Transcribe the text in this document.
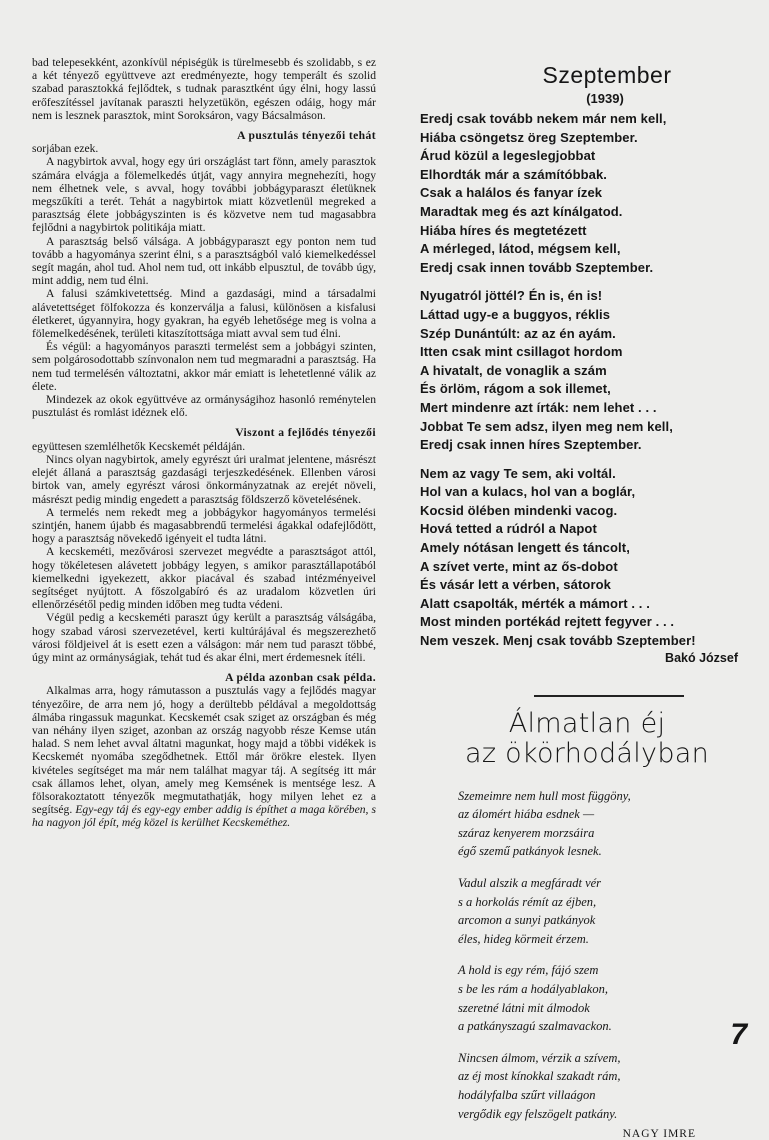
bad telepesekként, azonkívül népiségük is türelmesebb és szolidabb, s ez a két tényező együttveve azt eredményezte, hogy temperált és szolid szabad parasztokká fejlődtek, s tudnak parasztként úgy élni, hogy lassú erőfeszítéssel javítanak paraszti helyzetükön, egészen odáig, hogy már nem is lesznek parasztok, mint Soroksáron, vagy Bácsalmáson.

A pusztulás tényezői tehát

sorjában ezek.

A nagybirtok avval, hogy egy úri országlást tart fönn, amely parasztok számára elvágja a fölemelkedés útját, vagy annyira megnehezíti, hogy nem élhetnek vele, s avval, hogy további jobbágyparaszt életüknek megszűkíti a terét. Tehát a nagybirtok miatt közvetlenül megreked a parasztság élete jobbágyszinten is és közvetve nem tud magasabbra fejlődni a nagybirtok politikája miatt.

A parasztság belső válsága. A jobbágyparaszt egy ponton nem tud tovább a hagyománya szerint élni, s a parasztságból való kiemelkedéssel segít magán, ahol tud. Ahol nem tud, ott inkább elpusztul, de tovább úgy, mint addig, nem tud élni.

A falusi számkivetettség. Mind a gazdasági, mind a társadalmi alávetettséget fölfokozza és konzerválja a falusi, különösen a kisfalusi életkeret, úgyannyira, hogy gyakran, ha egyéb lehetősége meg is volna a fölemelkedésének, területi kitaszítottsága miatt avval sem tud élni.

És végül: a hagyományos paraszti termelést sem a jobbágyi szinten, sem polgárosodottabb színvonalon nem tud megmaradni a parasztság. Ha nem tud termelésén változtatni, akkor már emiatt is lehetetlenné válik az élete.

Mindezek az okok együttvéve az ormányságihoz hasonló reménytelen pusztulást és romlást idéznek elő.

Viszont a fejlődés tényezői

együttesen szemlélhetők Kecskemét példáján.

Nincs olyan nagybirtok, amely egyrészt úri uralmat jelentene, másrészt elejét állaná a parasztság gazdasági terjeszkedésének. Ellenben városi birtok van, amely egyrészt városi önkormányzatnak az erejét növeli, másrészt pedig mindig engedett a parasztság földszerző követelésének.

A termelés nem rekedt meg a jobbágykor hagyományos termelési szintjén, hanem újabb és magasabbrendű termelési ágakkal odafejlődött, hogy a parasztság növekedő igényeit el tudta látni.

A kecskeméti, mezővárosi szervezet megvédte a parasztságot attól, hogy tökéletesen alávetett jobbágy legyen, s amikor parasztállapotából kiemelkedni igyekezett, akkor piacával és szabad intézményeivel segítséget nyújtott. A főszolgabíró és az uradalom közvetlen úri ellenőrzésétől pedig minden időben meg tudta védeni.

Végül pedig a kecskeméti paraszt úgy került a parasztság válságába, hogy szabad városi szervezetével, kerti kultúrájával és megszerezhető városi földjeivel át is esett ezen a válságon: már nem tud paraszt többé, úgy mint az ormányságiak, tehát tud és akar élni, mert érdemesnek ítéli.

A példa azonban csak példa.

Alkalmas arra, hogy rámutasson a pusztulás vagy a fejlődés magyar tényezőire, de arra nem jó, hogy a derültebb példával a megoldottság álmába ringassuk magunkat. Kecskemét csak sziget az országban és még van néhány ilyen sziget, azonban az ország nagyobb része Kemse után halad. S nem lehet avval áltatni magunkat, hogy majd a többi vidékek is Kecskemét nyomába szegődhetnek. Ettől már örökre elestek. Ilyen kivételes segítséget ma már nem találhat magyar táj. A segítség itt már csak államos lehet, olyan, amely meg Kemsének is mentsége lesz. A fölsorakoztatott tényezők megmutathatják, hogy milyen lehet ez a segítség. Egy-egy táj és egy-egy ember addig is építhet a maga körében, s ha nagyon jól épít, még közel is kerülhet Kecskeméthez.

Szeptember
(1939)
Eredj csak tovább nekem már nem kell,
Hiába csöngetsz öreg Szeptember.
Árud közül a legeslegjobbat
Elhordták már a számítóbbak.
Csak a halálos és fanyar ízek
Maradtak meg és azt kínálgatod.
Hiába híres és megtetézett
A mérleged, látod, mégsem kell,
Eredj csak innen tovább Szeptember.
Nyugatról jöttél? Én is, én is!
Láttad ugy-e a buggyos, réklis
Szép Dunántúlt: az az én ayám.
Itten csak mint csillagot hordom
A hivatalt, de vonaglik a szám
És örlöm, rágom a sok illemet,
Mert mindenre azt írták: nem lehet . . .
Jobbat Te sem adsz, ilyen meg nem kell,
Eredj csak innen híres Szeptember.
Nem az vagy Te sem, aki voltál.
Hol van a kulacs, hol van a boglár,
Kocsid ölében mindenki vacog.
Hová tetted a rúdról a Napot
Amely nótásan lengett és táncolt,
A szívet verte, mint az ős-dobot
És vásár lett a vérben, sátorok
Alatt csapolták, mérték a mámort . . .
Most minden portékád rejtett fegyver . . .
Nem veszek. Menj csak tovább Szeptember!
Bakó József
Álmatlan éj
az ökörhodályban
Szemeimre nem hull most függöny,
az álomért hiába esdnek —
száraz kenyerem morzsáira
égő szemű patkányok lesnek.
Vadul alszik a megfáradt vér
s a horkolás rémít az éjben,
arcomon a sunyi patkányok
éles, hideg körmeit érzem.
A hold is egy rém, fájó szem
s be les rám a hodályablakon,
szeretné látni mit álmodok
a patkányszagú szalmavackon.
Nincsen álmom, vérzik a szívem,
az éj most kínokkal szakadt rám,
hodályfalba szűrt villaágon
vergődik egy felszögelt patkány.
NAGY IMRE
7
